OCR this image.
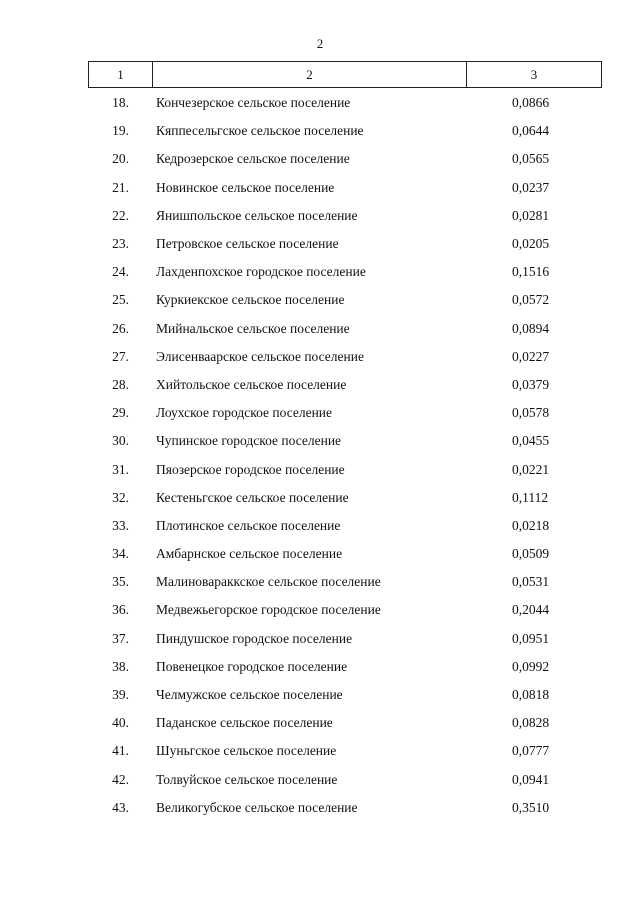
2
1	2	3
18.	Кончезерское сельское поселение	0,0866
19.	Кяппесельгское сельское поселение	0,0644
20.	Кедрозерское сельское поселение	0,0565
21.	Новинское сельское поселение	0,0237
22.	Янишпольское сельское поселение	0,0281
23.	Петровское сельское поселение	0,0205
24.	Лахденпохское городское поселение	0,1516
25.	Куркиекское сельское поселение	0,0572
26.	Мийнальское сельское поселение	0,0894
27.	Элисенваарское сельское поселение	0,0227
28.	Хийтольское сельское поселение	0,0379
29.	Лоухское городское поселение	0,0578
30.	Чупинское городское поселение	0,0455
31.	Пяозерское городское поселение	0,0221
32.	Кестеньгское сельское поселение	0,1112
33.	Плотинское сельское поселение	0,0218
34.	Амбарнское сельское поселение	0,0509
35.	Малиновараккское сельское поселение	0,0531
36.	Медвежьегорское городское поселение	0,2044
37.	Пиндушское городское поселение	0,0951
38.	Повенецкое городское поселение	0,0992
39.	Челмужское сельское поселение	0,0818
40.	Паданское сельское поселение	0,0828
41.	Шуньгское сельское поселение	0,0777
42.	Толвуйское сельское поселение	0,0941
43.	Великогубское сельское поселение	0,3510
